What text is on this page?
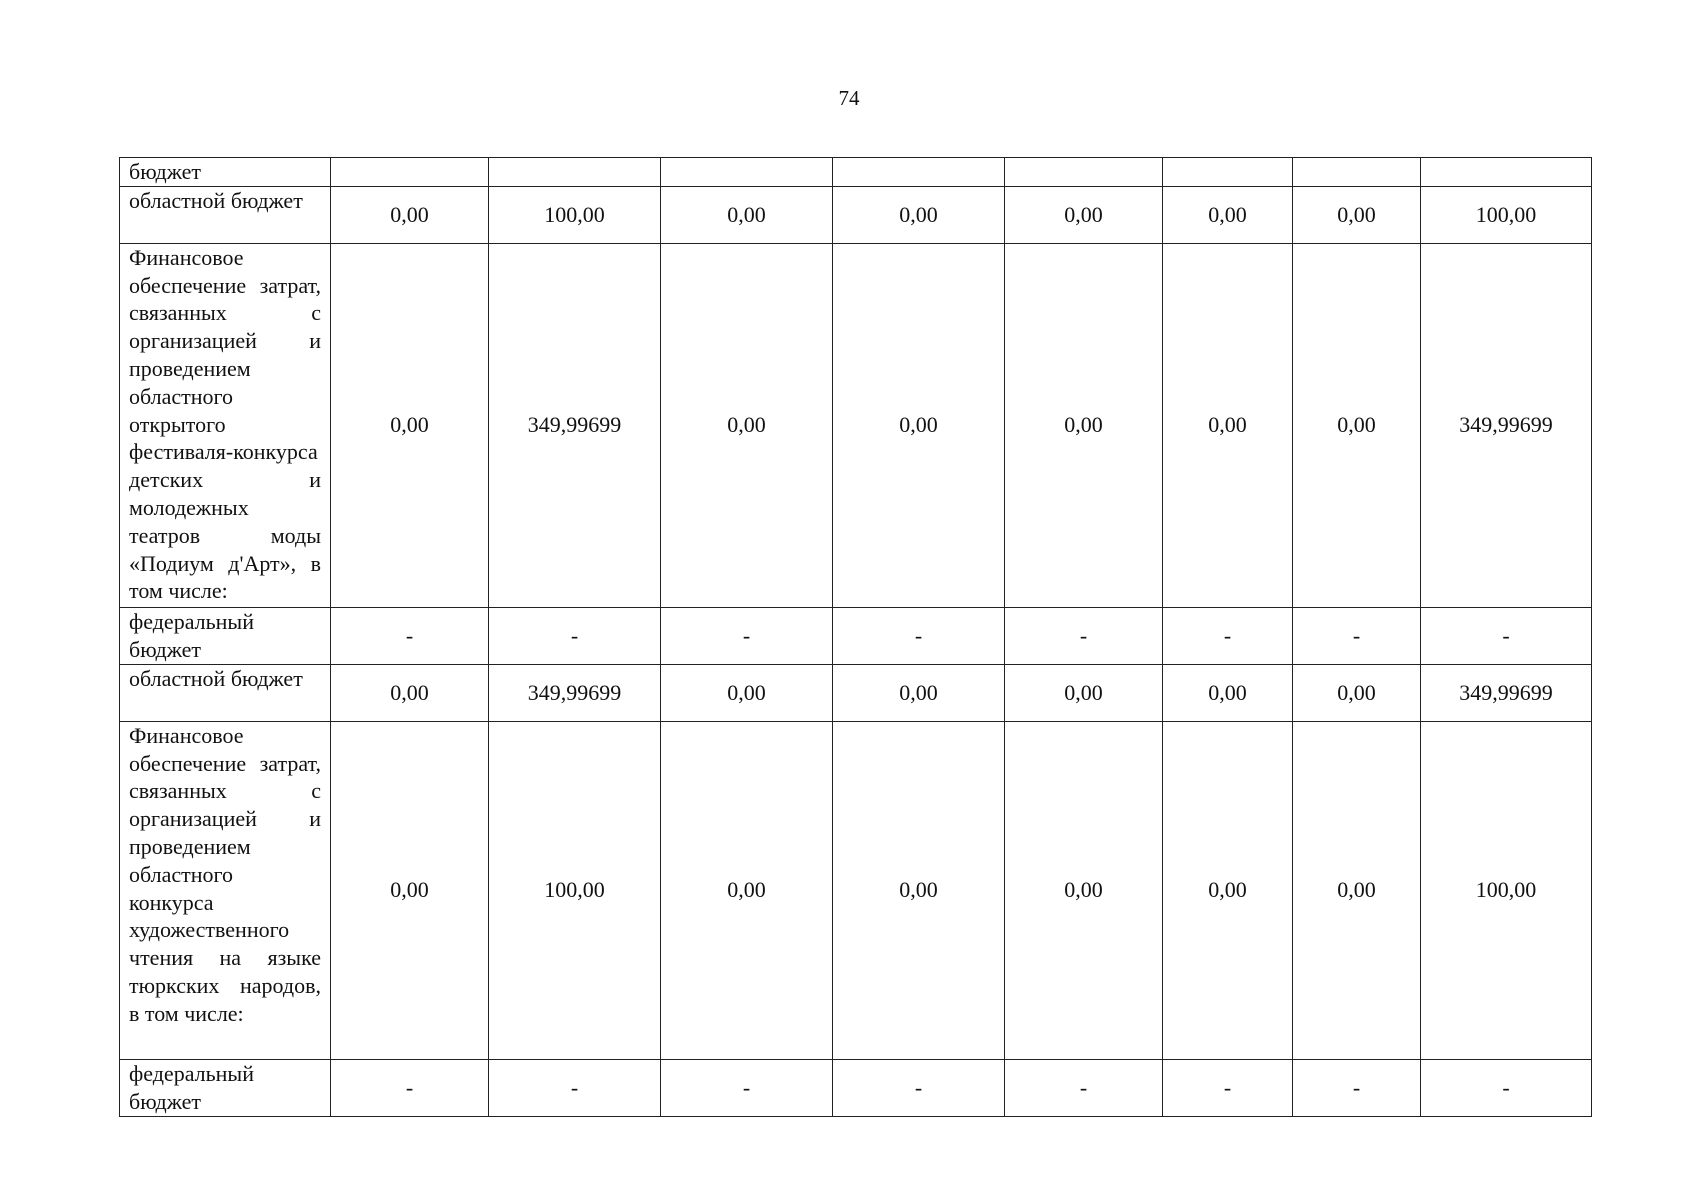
74
бюджет								
областной бюджет	0,00	100,00	0,00	0,00	0,00	0,00	0,00	100,00
Финансовое обеспечение затрат, связанных с организацией и проведением областного открытого фестиваля-конкурса детских и молодежных театров моды «Подиум д'Арт», в том числе:	0,00	349,99699	0,00	0,00	0,00	0,00	0,00	349,99699
федеральный бюджет	-	-	-	-	-	-	-	-
областной бюджет	0,00	349,99699	0,00	0,00	0,00	0,00	0,00	349,99699
Финансовое обеспечение затрат, связанных с организацией и проведением областного конкурса художественного чтения на языке тюркских народов, в том числе:	0,00	100,00	0,00	0,00	0,00	0,00	0,00	100,00
федеральный бюджет	-	-	-	-	-	-	-	-
